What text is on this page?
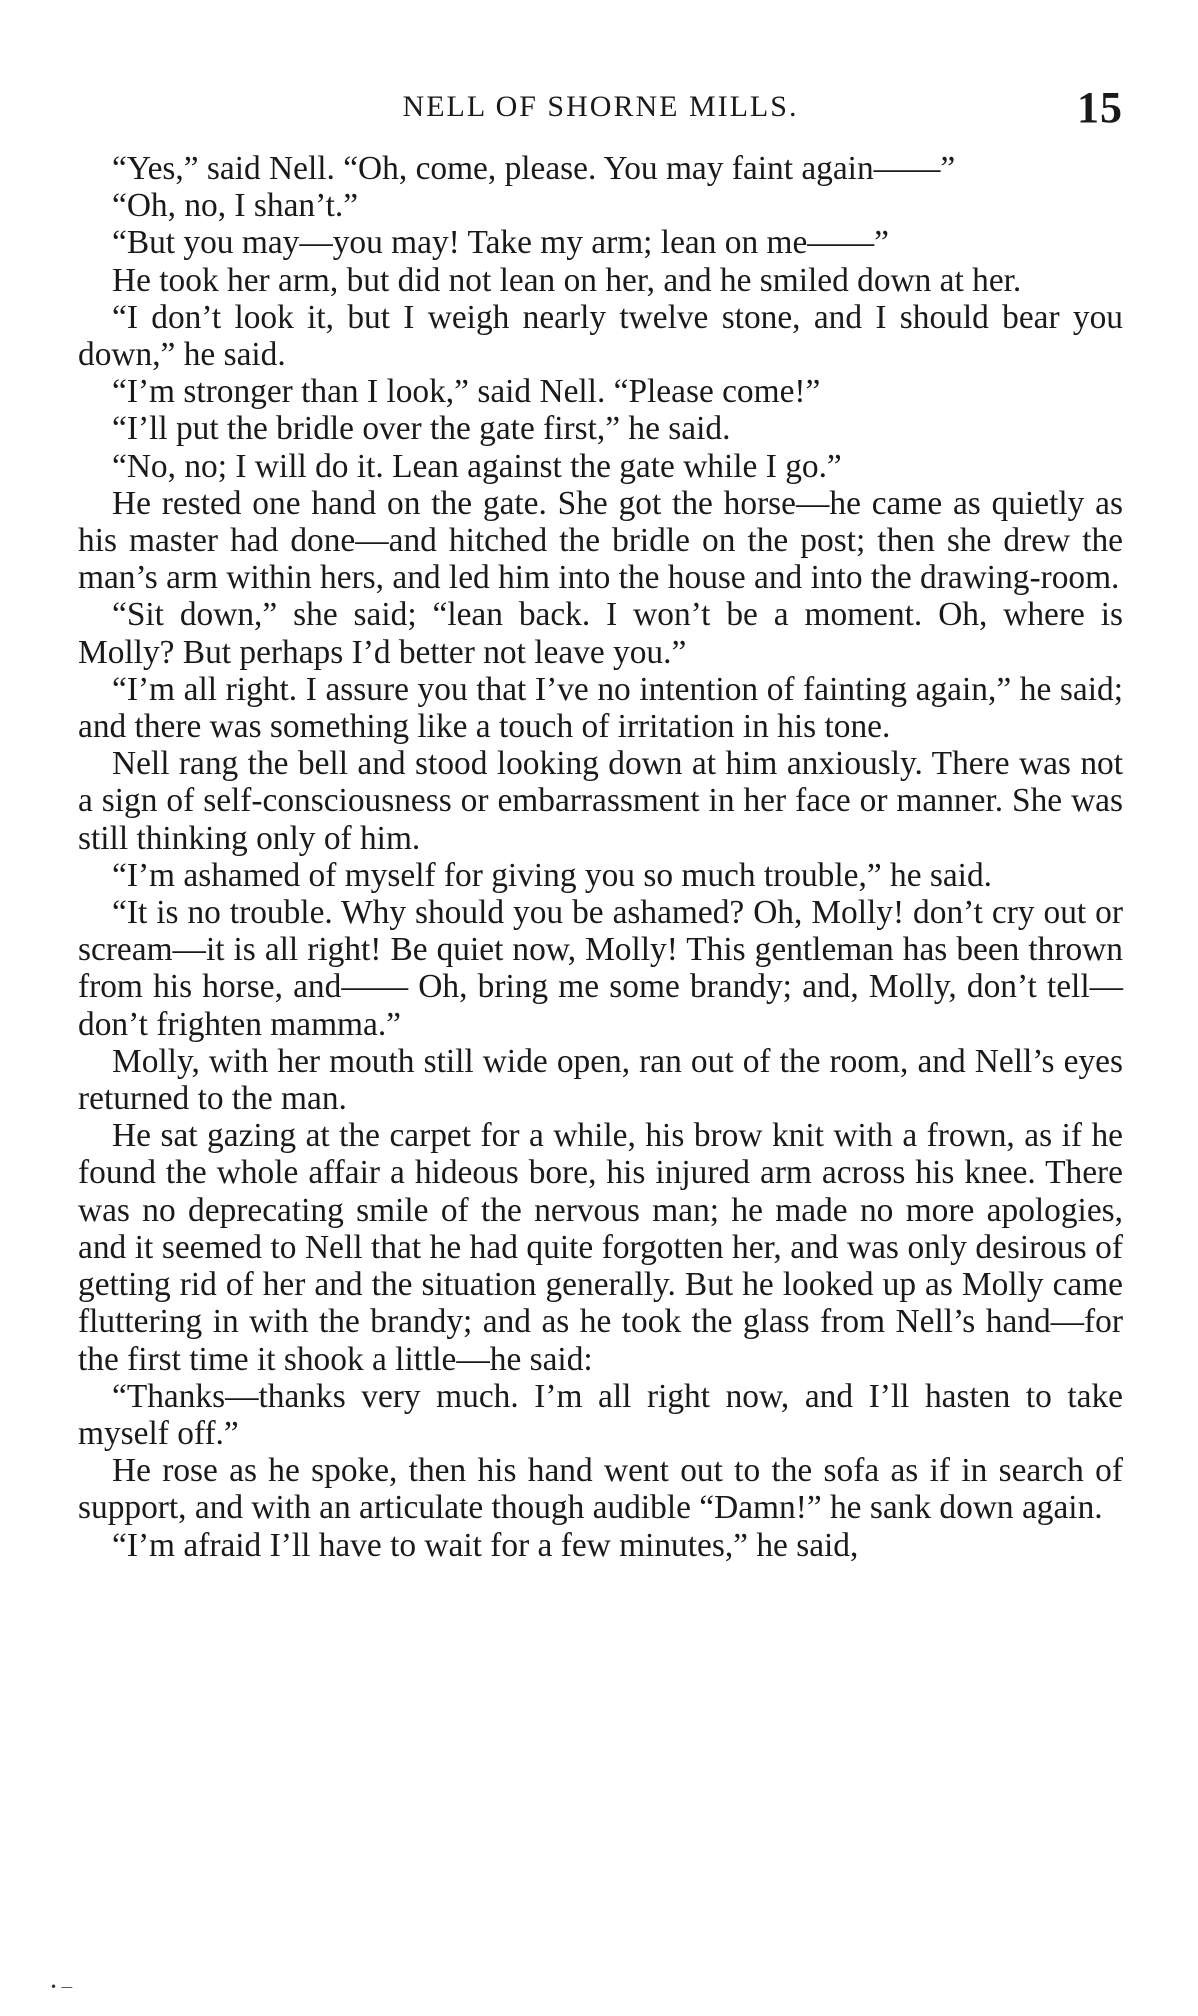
NELL OF SHORNE MILLS.	15

“Yes,” said Nell. “Oh, come, please. You may faint again——”

“Oh, no, I shan’t.”

“But you may—you may! Take my arm; lean on me——”

He took her arm, but did not lean on her, and he smiled down at her.

“I don’t look it, but I weigh nearly twelve stone, and I should bear you down,” he said.

“I’m stronger than I look,” said Nell. “Please come!”

“I’ll put the bridle over the gate first,” he said.

“No, no; I will do it. Lean against the gate while I go.”

He rested one hand on the gate. She got the horse—he came as quietly as his master had done—and hitched the bridle on the post; then she drew the man’s arm within hers, and led him into the house and into the drawing-room.

“Sit down,” she said; “lean back. I won’t be a moment. Oh, where is Molly? But perhaps I’d better not leave you.”

“I’m all right. I assure you that I’ve no intention of fainting again,” he said; and there was something like a touch of irritation in his tone.

Nell rang the bell and stood looking down at him anxiously. There was not a sign of self-consciousness or embarrassment in her face or manner. She was still thinking only of him.

“I’m ashamed of myself for giving you so much trouble,” he said.

“It is no trouble. Why should you be ashamed? Oh, Molly! don’t cry out or scream—it is all right! Be quiet now, Molly! This gentleman has been thrown from his horse, and—— Oh, bring me some brandy; and, Molly, don’t tell—don’t frighten mamma.”

Molly, with her mouth still wide open, ran out of the room, and Nell’s eyes returned to the man.

He sat gazing at the carpet for a while, his brow knit with a frown, as if he found the whole affair a hideous bore, his injured arm across his knee. There was no deprecating smile of the nervous man; he made no more apologies, and it seemed to Nell that he had quite forgotten her, and was only desirous of getting rid of her and the situation generally. But he looked up as Molly came fluttering in with the brandy; and as he took the glass from Nell’s hand—for the first time it shook a little—he said:

“Thanks—thanks very much. I’m all right now, and I’ll hasten to take myself off.”

He rose as he spoke, then his hand went out to the sofa as if in search of support, and with an articulate though audible “Damn!” he sank down again.

“I’m afraid I’ll have to wait for a few minutes,” he said,

• —
